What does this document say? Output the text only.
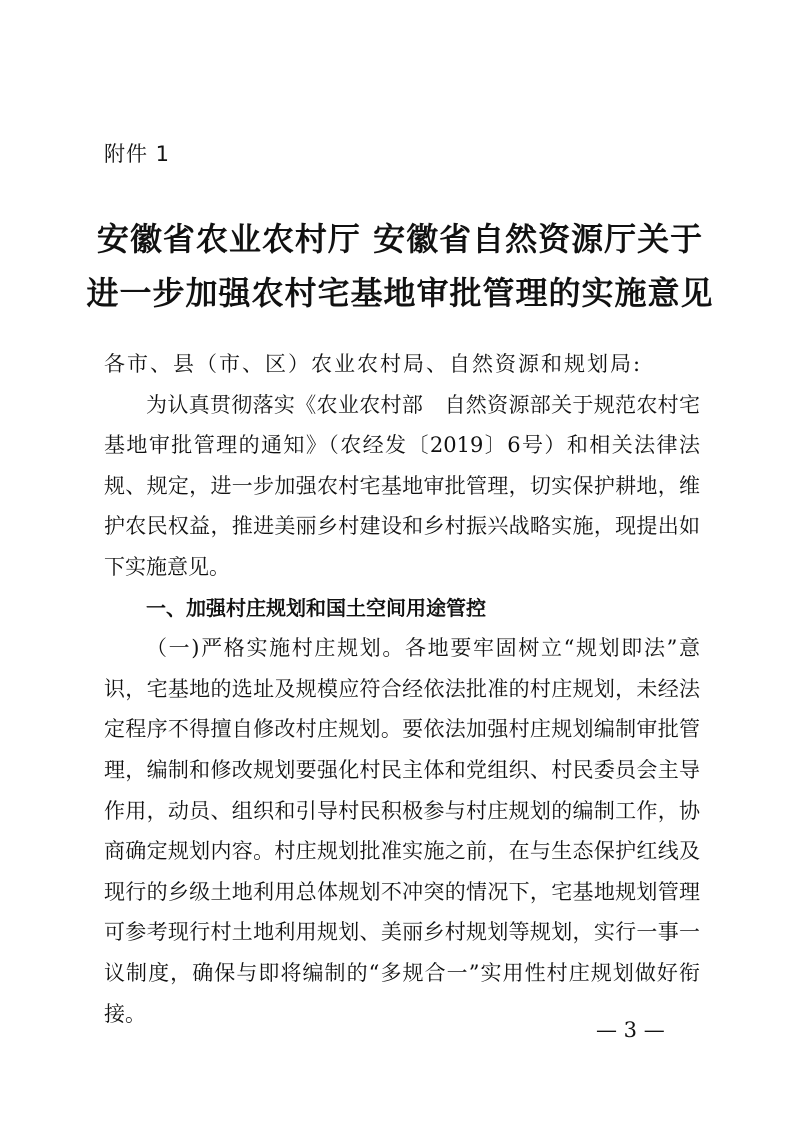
附件 1
安徽省农业农村厅 安徽省自然资源厅关于
进一步加强农村宅基地审批管理的实施意见

各市、县（市、区）农业农村局、自然资源和规划局:

为认真贯彻落实《农业农村部　自然资源部关于规范农村宅基地审批管理的通知》（农经发〔2019〕6号）和相关法律法规、规定，进一步加强农村宅基地审批管理，切实保护耕地，维护农民权益，推进美丽乡村建设和乡村振兴战略实施，现提出如下实施意见。

一、加强村庄规划和国土空间用途管控

（一)严格实施村庄规划。各地要牢固树立“规划即法”意识，宅基地的选址及规模应符合经依法批准的村庄规划，未经法定程序不得擅自修改村庄规划。要依法加强村庄规划编制审批管理，编制和修改规划要强化村民主体和党组织、村民委员会主导作用，动员、组织和引导村民积极参与村庄规划的编制工作，协商确定规划内容。村庄规划批准实施之前，在与生态保护红线及现行的乡级土地利用总体规划不冲突的情况下，宅基地规划管理可参考现行村土地利用规划、美丽乡村规划等规划，实行一事一议制度，确保与即将编制的“多规合一”实用性村庄规划做好衔接。

— 3 —
